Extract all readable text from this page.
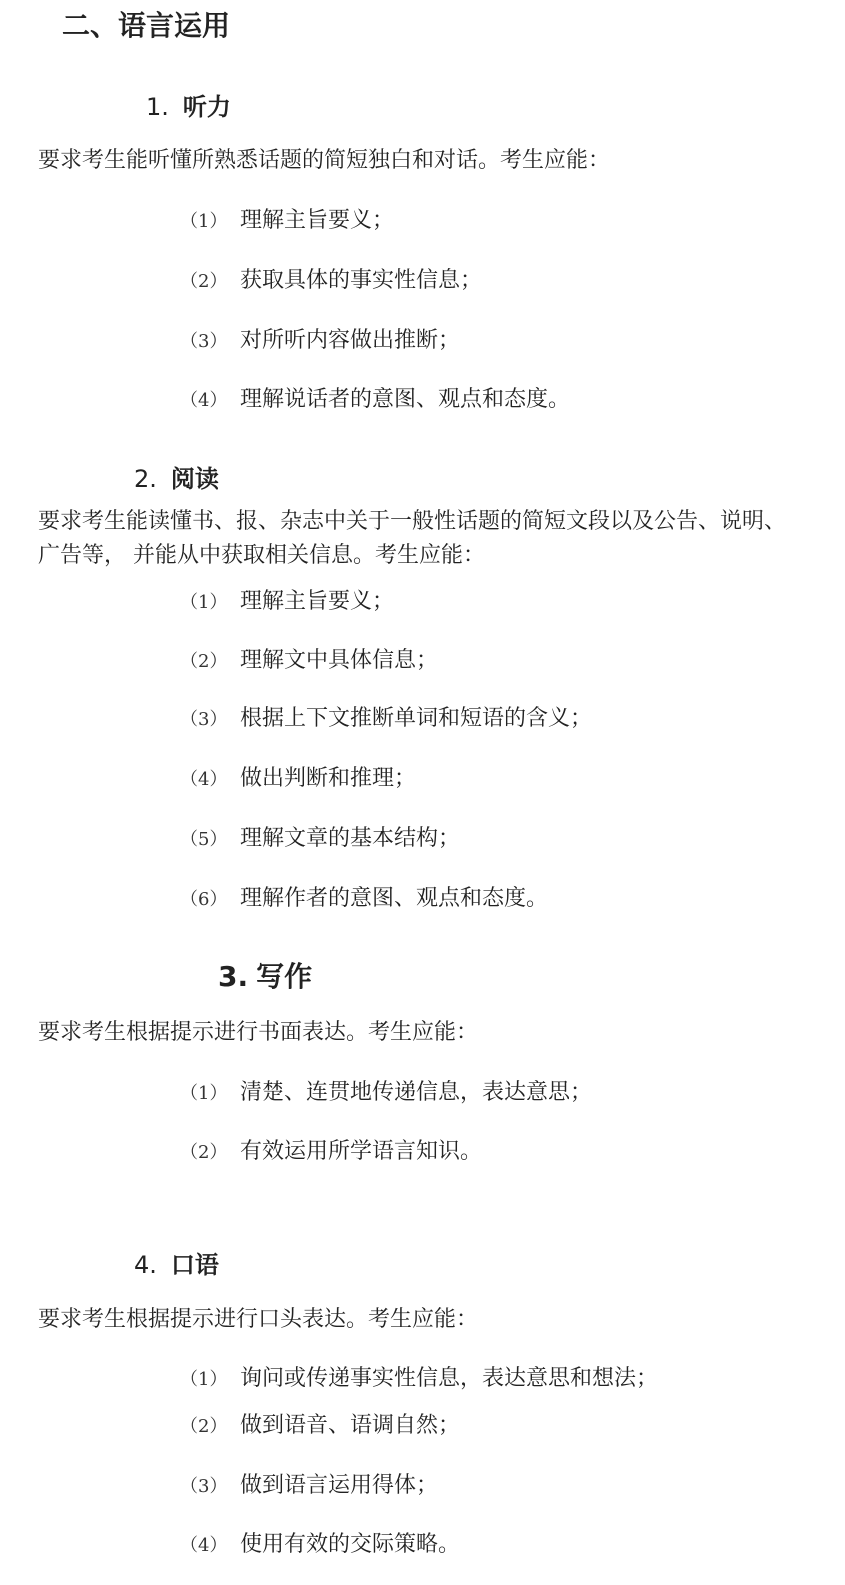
二、语言运用
1. 听力
要求考生能听懂所熟悉话题的简短独白和对话。考生应能：
（1） 理解主旨要义；
（2） 获取具体的事实性信息；
（3） 对所听内容做出推断；
（4） 理解说话者的意图、观点和态度。
2. 阅读
要求考生能读懂书、报、杂志中关于一般性话题的简短文段以及公告、说明、广告等， 并能从中获取相关信息。考生应能：
（1） 理解主旨要义；
（2） 理解文中具体信息；
（3） 根据上下文推断单词和短语的含义；
（4） 做出判断和推理；
（5） 理解文章的基本结构；
（6） 理解作者的意图、观点和态度。
3. 写作
要求考生根据提示进行书面表达。考生应能：
（1） 清楚、连贯地传递信息，表达意思；
（2） 有效运用所学语言知识。
4. 口语
要求考生根据提示进行口头表达。考生应能：
（1） 询问或传递事实性信息，表达意思和想法；
（2） 做到语音、语调自然；
（3） 做到语言运用得体；
（4） 使用有效的交际策略。
